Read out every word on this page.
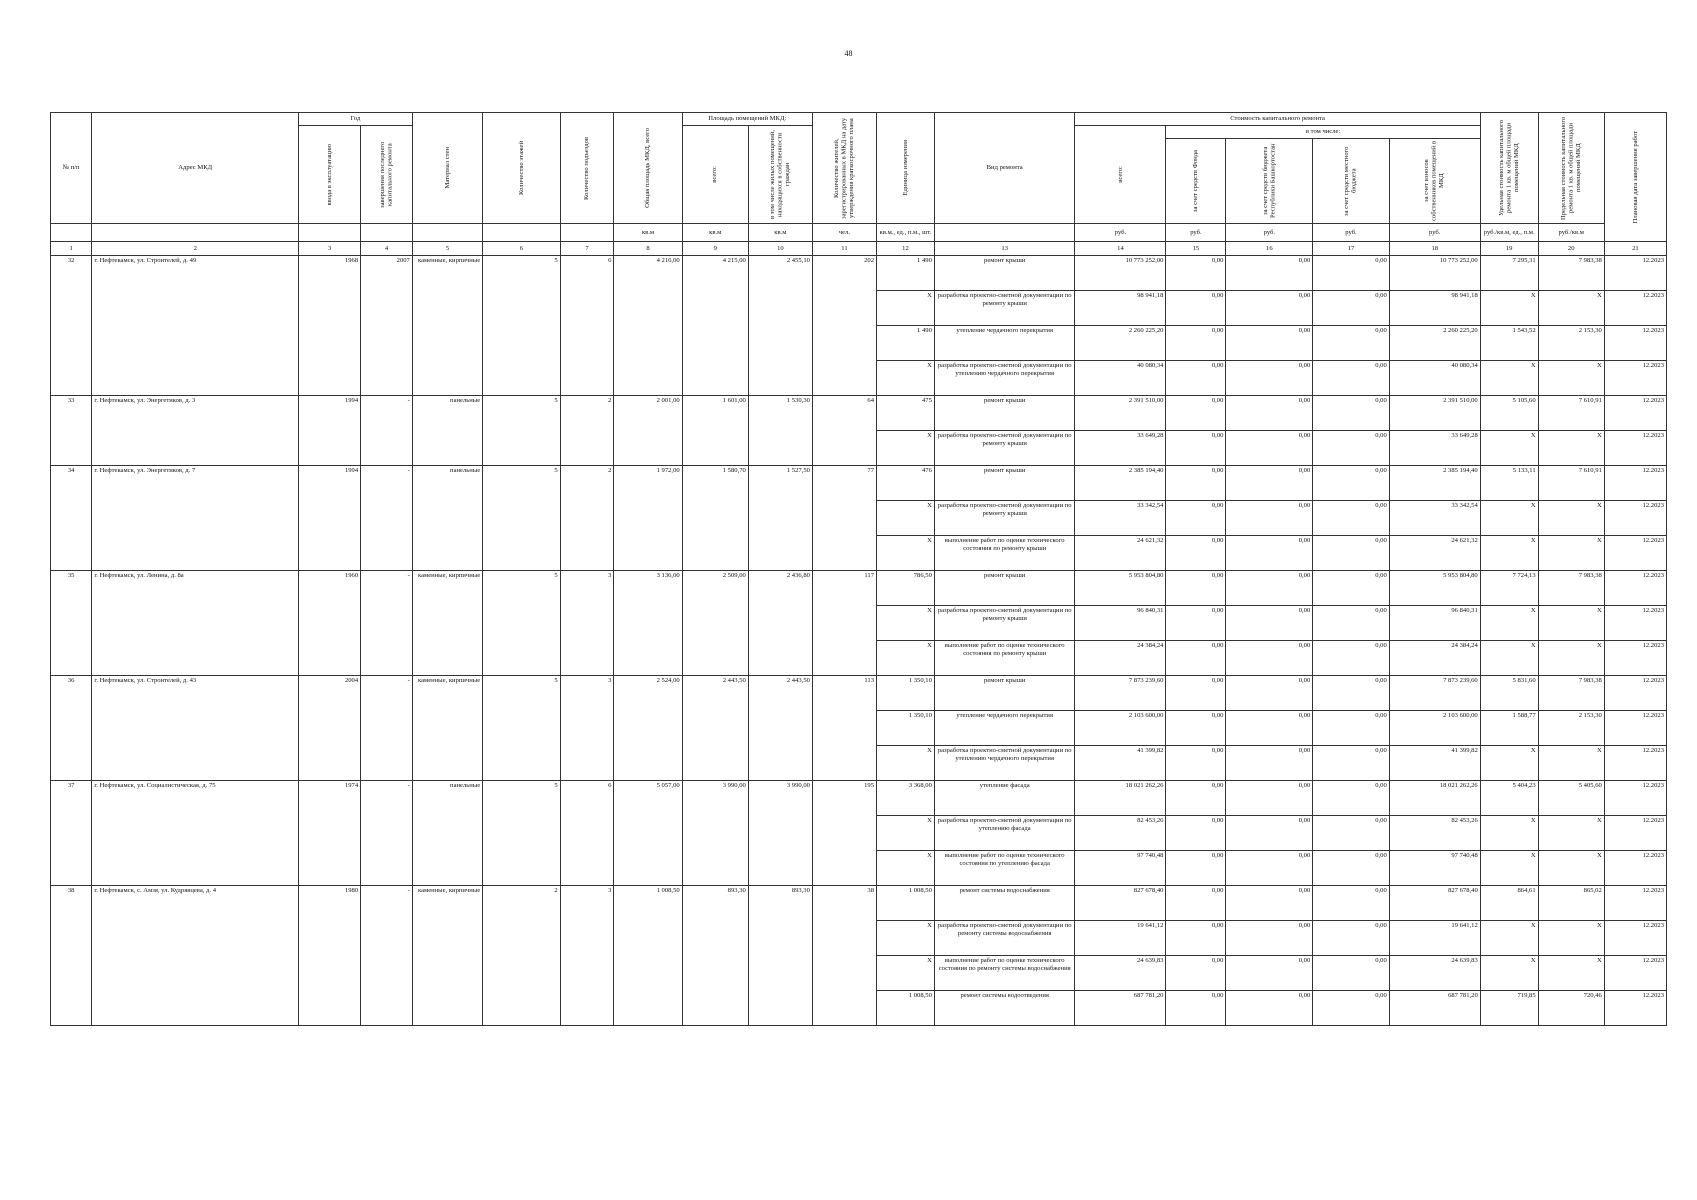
48
№ п/п	Адрес МКД	Год		Материал стен	Количество этажей	Количество подъездов	Общая площадь МКД, всего	Площадь помещений МКД:		Количество жителей, зарегистрированных в МКД на дату утверждения краткосрочного плана	Единица измерения	Вид ремонта	Стоимость капитального ремонта					Удельная стоимость капитального ремонта 1 кв. м общей площади помещений МКД	Предельная стоимость капитального ремонта 1 кв. м общей площади помещений МКД	Плановая дата завершения работ

		ввода в эксплуатацию	завершения последнего капитального ремонта					всего:	в том числе жилых помещений, находящихся в собственности граждан				всего:	в том числе:						

														за счет средств Фонда	за счет средств бюджета Республики Башкортостан	за счет средств местного бюджета	за счет взносов собственников помещений в МКД			

							кв.м	кв.м	кв.м	чел.	кв.м., ед., п.м., шт.		руб.	руб.	руб.	руб.	руб.	руб./кв.м, ед., п.м.	руб./кв.м	
1	2	3	4	5	6	7	8	9	10	11	12	13	14	15	16	17	18	19	20	21
32	г. Нефтекамск, ул. Строителей, д. 49	1968	2007	каменные, кирпичные	5	6	4 216,00	4 215,00	2 455,10	202	1 490	ремонт крыши	10 773 252,00	0,00	0,00	0,00	10 773 252,00	7 295,31	7 983,38	12.2023
											X	разработка проектно-сметной документации по ремонту крыши	98 941,18	0,00	0,00	0,00	98 941,18	X	X	12.2023
											1 490	утепление чердачного перекрытия	2 260 225,20	0,00	0,00	0,00	2 260 225,20	1 543,52	2 153,30	12.2023
											X	разработка проектно-сметной документации по утеплению чердачного перекрытия	40 080,34	0,00	0,00	0,00	40 080,34	X	X	12.2023
33	г. Нефтекамск, ул. Энергетиков, д. 3	1994	-	панельные	5	2	2 001,00	1 601,00	1 530,30	64	475	ремонт крыши	2 391 510,00	0,00	0,00	0,00	2 391 510,00	5 105,60	7 610,91	12.2023
											X	разработка проектно-сметной документации по ремонту крыши	33 649,28	0,00	0,00	0,00	33 649,28	X	X	12.2023
34	г. Нефтекамск, ул. Энергетиков, д. 7	1994	-	панельные	5	2	1 972,00	1 580,70	1 527,50	77	476	ремонт крыши	2 385 194,40	0,00	0,00	0,00	2 385 194,40	5 133,11	7 610,91	12.2023
											X	разработка проектно-сметной документации по ремонту крыши	33 342,54	0,00	0,00	0,00	33 342,54	X	X	12.2023
											X	выполнение работ по оценке технического состояния по ремонту крыши	24 621,32	0,00	0,00	0,00	24 621,32	X	X	12.2023
35	г. Нефтекамск, ул. Ленина, д. 8а	1960	-	каменные, кирпичные	5	3	3 136,00	2 509,00	2 436,80	117	786,50	ремонт крыши	5 953 804,80	0,00	0,00	0,00	5 953 804,80	7 724,13	7 983,38	12.2023
											X	разработка проектно-сметной документации по ремонту крыши	96 840,31	0,00	0,00	0,00	96 840,31	X	X	12.2023
											X	выполнение работ по оценке технического состояния по ремонту крыши	24 384,24	0,00	0,00	0,00	24 384,24	X	X	12.2023
36	г. Нефтекамск, ул. Строителей, д. 43	2004	-	каменные, кирпичные	5	3	2 524,00	2 443,50	2 443,50	113	1 350,10	ремонт крыши	7 873 239,60	0,00	0,00	0,00	7 873 239,60	5 831,60	7 983,38	12.2023
											1 350,10	утепление чердачного перекрытия	2 103 600,00	0,00	0,00	0,00	2 103 600,00	1 588,77	2 153,30	12.2023
											X	разработка проектно-сметной документации по утеплению чердачного перекрытия	41 399,82	0,00	0,00	0,00	41 399,82	X	X	12.2023
37	г. Нефтекамск, ул. Социалистическая, д. 75	1974	-	панельные	5	6	5 057,00	3 990,00	3 990,00	195	3 368,00	утепление фасада	18 021 262,26	0,00	0,00	0,00	18 021 262,26	5 404,23	5 405,60	12.2023
											X	разработка проектно-сметной документации по утеплению фасада	82 453,26	0,00	0,00	0,00	82 453,26	X	X	12.2023
											X	выполнение работ по оценке технического состояния по утеплению фасада	97 740,48	0,00	0,00	0,00	97 740,48	X	X	12.2023
38	г. Нефтекамск, с. Амзя, ул. Кудрявцева, д. 4	1980	-	каменные, кирпичные	2	3	1 008,50	893,30	893,30	38	1 008,50	ремонт системы водоснабжения	827 678,40	0,00	0,00	0,00	827 678,40	864,61	865,02	12.2023
											X	разработка проектно-сметной документации по ремонту системы водоснабжения	19 641,12	0,00	0,00	0,00	19 641,12	X	X	12.2023
											X	выполнение работ по оценке технического состояния по ремонту системы водоснабжения	24 639,83	0,00	0,00	0,00	24 639,83	X	X	12.2023
											1 008,50	ремонт системы водоотведения	687 781,20	0,00	0,00	0,00	687 781,20	719,85	720,46	12.2023
